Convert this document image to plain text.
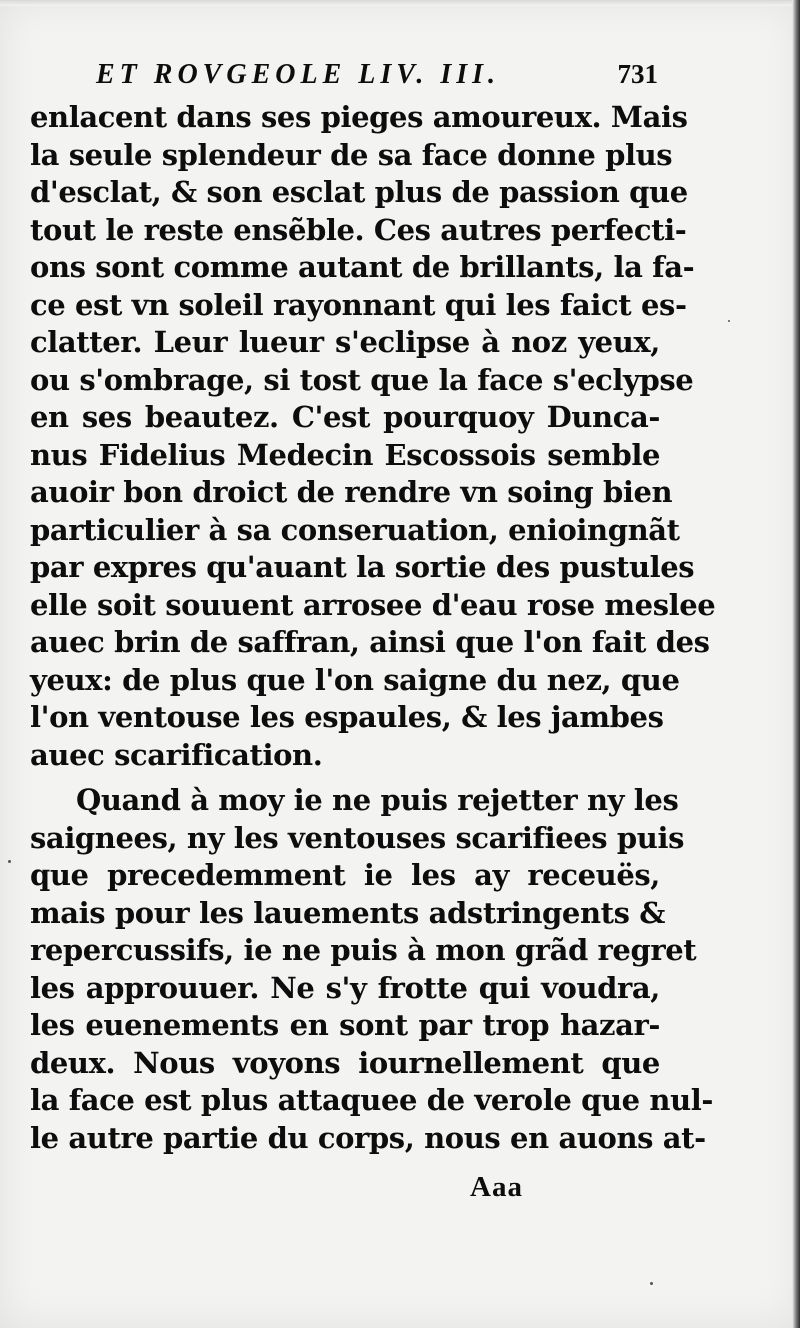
ET ROVGEOLE LIV. III.	731
enlacent dans ses pieges amoureux. Mais
la seule splendeur de sa face donne plus
d'esclat, & son esclat plus de passion que
tout le reste ensẽble. Ces autres perfecti-
ons sont comme autant de brillants, la fa-
ce est vn soleil rayonnant qui les faict es-
clatter. Leur lueur s'eclipse à noz yeux,
ou s'ombrage, si tost que la face s'eclypse
en ses beautez. C'est pourquoy Dunca-
nus Fidelius Medecin Escossois semble
auoir bon droict de rendre vn soing bien
particulier à sa conseruation, enioingnãt
par expres qu'auant la sortie des pustules
elle soit souuent arrosee d'eau rose meslee
auec brin de saffran, ainsi que l'on fait des
yeux: de plus que l'on saigne du nez, que
l'on ventouse les espaules, & les jambes
auec scarification.
Quand à moy ie ne puis rejetter ny les
saignees, ny les ventouses scarifiees puis
que precedemment ie les ay receuës,
mais pour les lauements adstringents &
repercussifs, ie ne puis à mon grãd regret
les approuuer. Ne s'y frotte qui voudra,
les euenements en sont par trop hazar-
deux. Nous voyons iournellement que
la face est plus attaquee de verole que nul-
le autre partie du corps, nous en auons at-
Aaa
